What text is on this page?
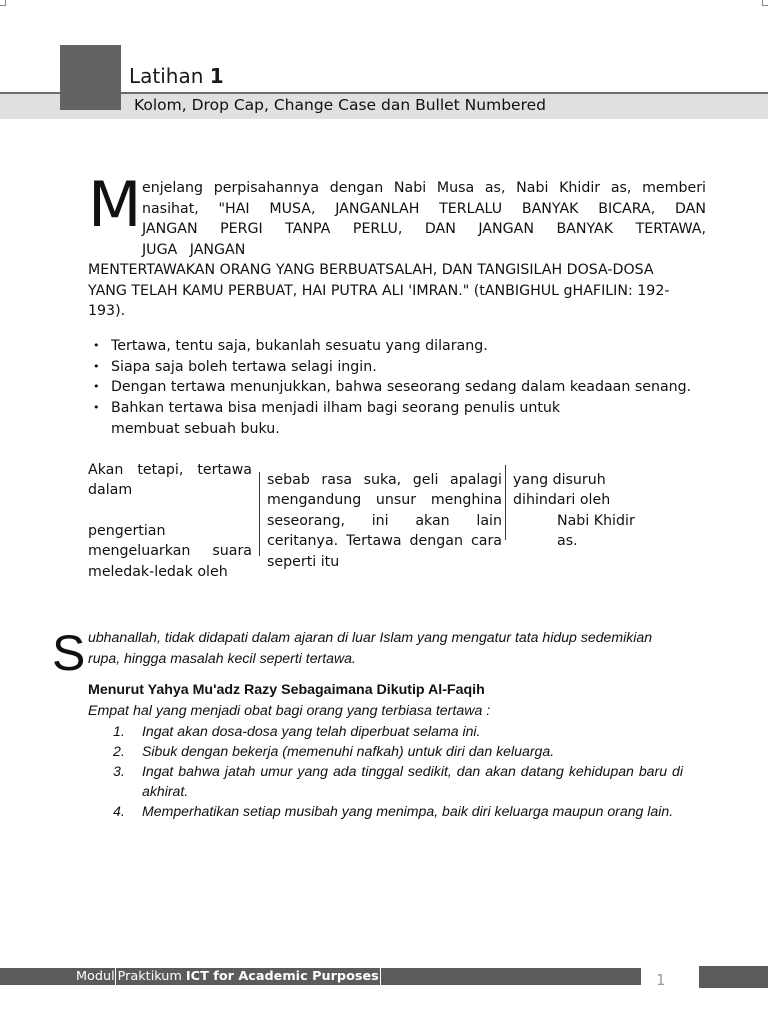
Latihan 1
Kolom, Drop Cap, Change Case dan Bullet Numbered
M enjelang perpisahannya dengan Nabi Musa as, Nabi Khidir as, memberi
nasihat, "HAI MUSA, JANGANLAH TERLALU BANYAK BICARA, DAN
JANGAN PERGI TANPA PERLU, DAN JANGAN BANYAK TERTAWA,
JUGA JANGAN
MENTERTAWAKAN ORANG YANG BERBUATSALAH, DAN TANGISILAH DOSA-DOSA
YANG TELAH KAMU PERBUAT, HAI PUTRA ALI 'IMRAN." (tANBIGHUL gHAFILIN: 192-
193).
• Tertawa, tentu saja, bukanlah sesuatu yang dilarang.
• Siapa saja boleh tertawa selagi ingin.
• Dengan tertawa menunjukkan, bahwa seseorang sedang dalam keadaan senang.
• Bahkan tertawa bisa menjadi ilham bagi seorang penulis untuk membuat sebuah buku.
Akan tetapi, tertawa dalam
pengertian mengeluarkan suara meledak-ledak oleh
sebab rasa suka, geli apalagi mengandung unsur menghina seseorang, ini akan lain ceritanya. Tertawa dengan cara seperti itu
yang disuruh
dihindari oleh
Nabi Khidir
as.
S ubhanallah, tidak didapati dalam ajaran di luar Islam yang mengatur tata hidup sedemikian
rupa, hingga masalah kecil seperti tertawa.
Menurut Yahya Mu'adz Razy Sebagaimana Dikutip Al-Faqih
Empat hal yang menjadi obat bagi orang yang terbiasa tertawa :
1. Ingat akan dosa-dosa yang telah diperbuat selama ini.
2. Sibuk dengan bekerja (memenuhi nafkah) untuk diri dan keluarga.
3. Ingat bahwa jatah umur yang ada tinggal sedikit, dan akan datang kehidupan baru di akhirat.
4. Memperhatikan setiap musibah yang menimpa, baik diri keluarga maupun orang lain.
Modul Praktikum ICT for Academic Purposes	1
